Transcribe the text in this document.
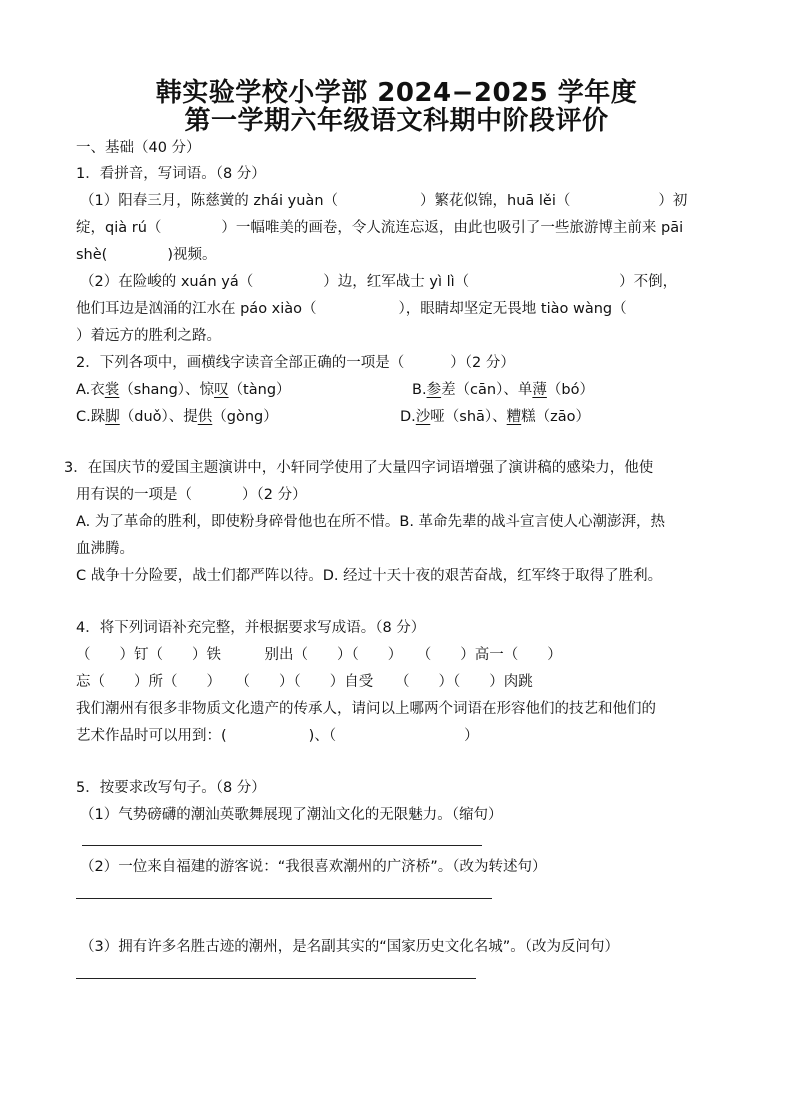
韩实验学校小学部 2024−2025 学年度
第一学期六年级语文科期中阶段评价
一、基础（40 分）
1．看拼音，写词语。（8 分）
（1）阳春三月，陈慈黉的 zhái yuàn（	）繁花似锦，huā lěi（	）初
绽，qià rú（	）一幅唯美的画卷，令人流连忘返，由此也吸引了一些旅游博主前来 pāi
shè(	)视频。
（2）在险峻的 xuán yá（	）边，红军战士 yì lì（	）不倒，
他们耳边是汹涌的江水在 páo xiào（	），眼睛却坚定无畏地 tiào wàng（
）着远方的胜利之路。
2．下列各项中，画横线字读音全部正确的一项是（	）（2 分）
A.衣裳（shang）、惊叹（tàng）	B.参差（cān）、单薄（bó）
C.跺脚（duǒ）、提供（gòng）	D.沙哑（shā）、糟糕（zāo）
3．在国庆节的爱国主题演讲中，小轩同学使用了大量四字词语增强了演讲稿的感染力，他使
用有误的一项是（	）（2 分）
A. 为了革命的胜利，即使粉身碎骨他也在所不惜。B. 革命先辈的战斗宣言使人心潮澎湃，热
血沸腾。
C 战争十分险要，战士们都严阵以待。D. 经过十天十夜的艰苦奋战，红军终于取得了胜利。
4．将下列词语补充完整，并根据要求写成语。（8 分）
（　　）钉（　　）铁　　　别出（　　）（　　）　　（　　）高一（　　）
忘（　　）所（　　）　　（　　）（　　）自受　　（　　）（　　）肉跳
我们潮州有很多非物质文化遗产的传承人，请问以上哪两个词语在形容他们的技艺和他们的
艺术作品时可以用到：(	)、（	）
5．按要求改写句子。（8 分）
（1）气势磅礴的潮汕英歌舞展现了潮汕文化的无限魅力。（缩句）
（2）一位来自福建的游客说：“我很喜欢潮州的广济桥”。（改为转述句）
（3）拥有许多名胜古迹的潮州，是名副其实的“国家历史文化名城”。（改为反问句）
